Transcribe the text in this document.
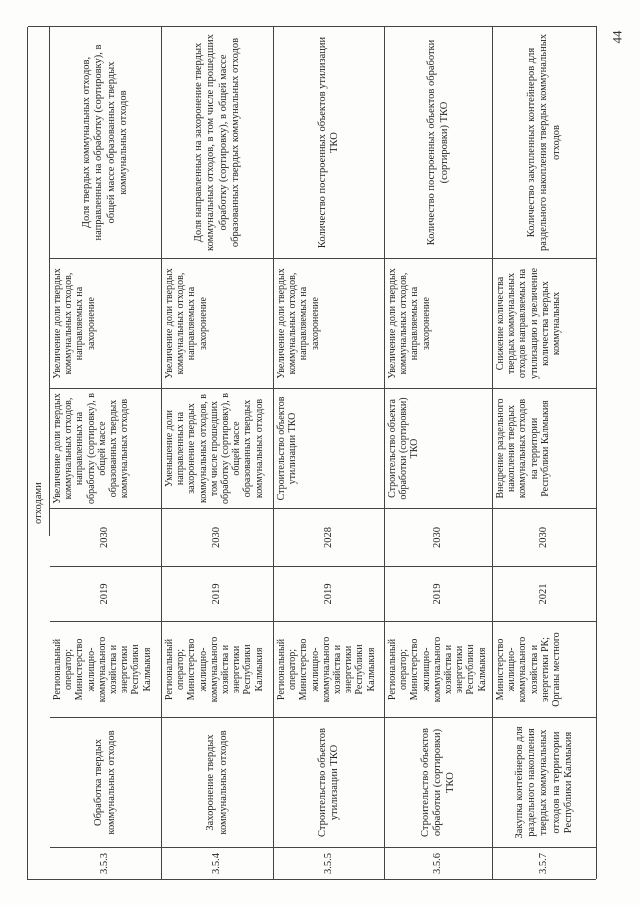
44
отходами
3.5.3
Обработка твердых коммунальных отходов
Региональный оператор; Министерство жилищно-коммунального хозяйства и энергетики Республики Калмыкия
2019
2030
Увеличение доли твердых коммунальных отходов, направленных на обработку (сортировку), в общей массе образованных твердых коммунальных отходов
Увеличение доли твердых коммунальных отходов, направляемых на захоронение
Доля твердых коммунальных отходов, направленных на обработку (сортировку), в общей массе образованных твердых коммунальных отходов
3.5.4
Захоронение твердых коммунальных отходов
Региональный оператор; Министерство жилищно-коммунального хозяйства и энергетики Республики Калмыкия
2019
2030
Уменьшение доли направленных на захоронение твердых коммунальных отходов, в том числе прошедших обработку (сортировку), в общей массе образованных твердых коммунальных отходов
Увеличение доли твердых коммунальных отходов, направляемых на захоронение
Доля направленных на захоронение твердых коммунальных отходов, в том числе прошедших обработку (сортировку), в общей массе образованных твердых коммунальных отходов
3.5.5
Строительство объектов утилизации ТКО
Региональный оператор; Министерство жилищно-коммунального хозяйства и энергетики Республики Калмыкия
2019
2028
Строительство объектов утилизации ТКО
Увеличение доли твердых коммунальных отходов, направляемых на захоронение
Количество построенных объектов утилизации ТКО
3.5.6
Строительство объектов обработки (сортировки) ТКО
Региональный оператор; Министерство жилищно-коммунального хозяйства и энергетики Республики Калмыкия
2019
2030
Строительство объекта обработки (сортировки) ТКО
Увеличение доли твердых коммунальных отходов, направляемых на захоронение
Количество построенных объектов обработки (сортировки) ТКО
3.5.7
Закупка контейнеров для раздельного накопления твердых коммунальных отходов на территории Республики Калмыкия
Министерство жилищно-коммунального хозяйства и энергетики РК; Органы местного
2021
2030
Внедрение раздельного накопления твердых коммунальных отходов на территории Республики Калмыкия
Снижение количества твердых коммунальных отходов направляемых на утилизацию и увеличение количества твердых коммунальных
Количество закупленных контейнеров для раздельного накопления твердых коммунальных отходов
